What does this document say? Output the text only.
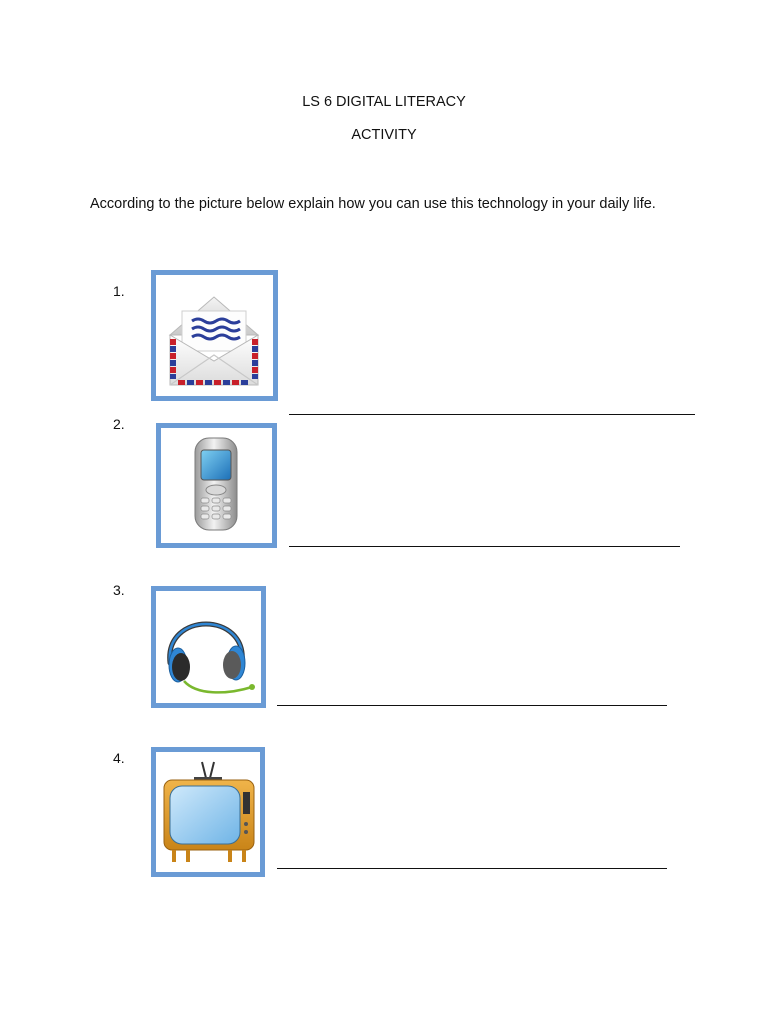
LS 6 DIGITAL LITERACY
ACTIVITY
According to the picture below explain how you can use this technology in your daily life.
1.
2.
3.
4.
